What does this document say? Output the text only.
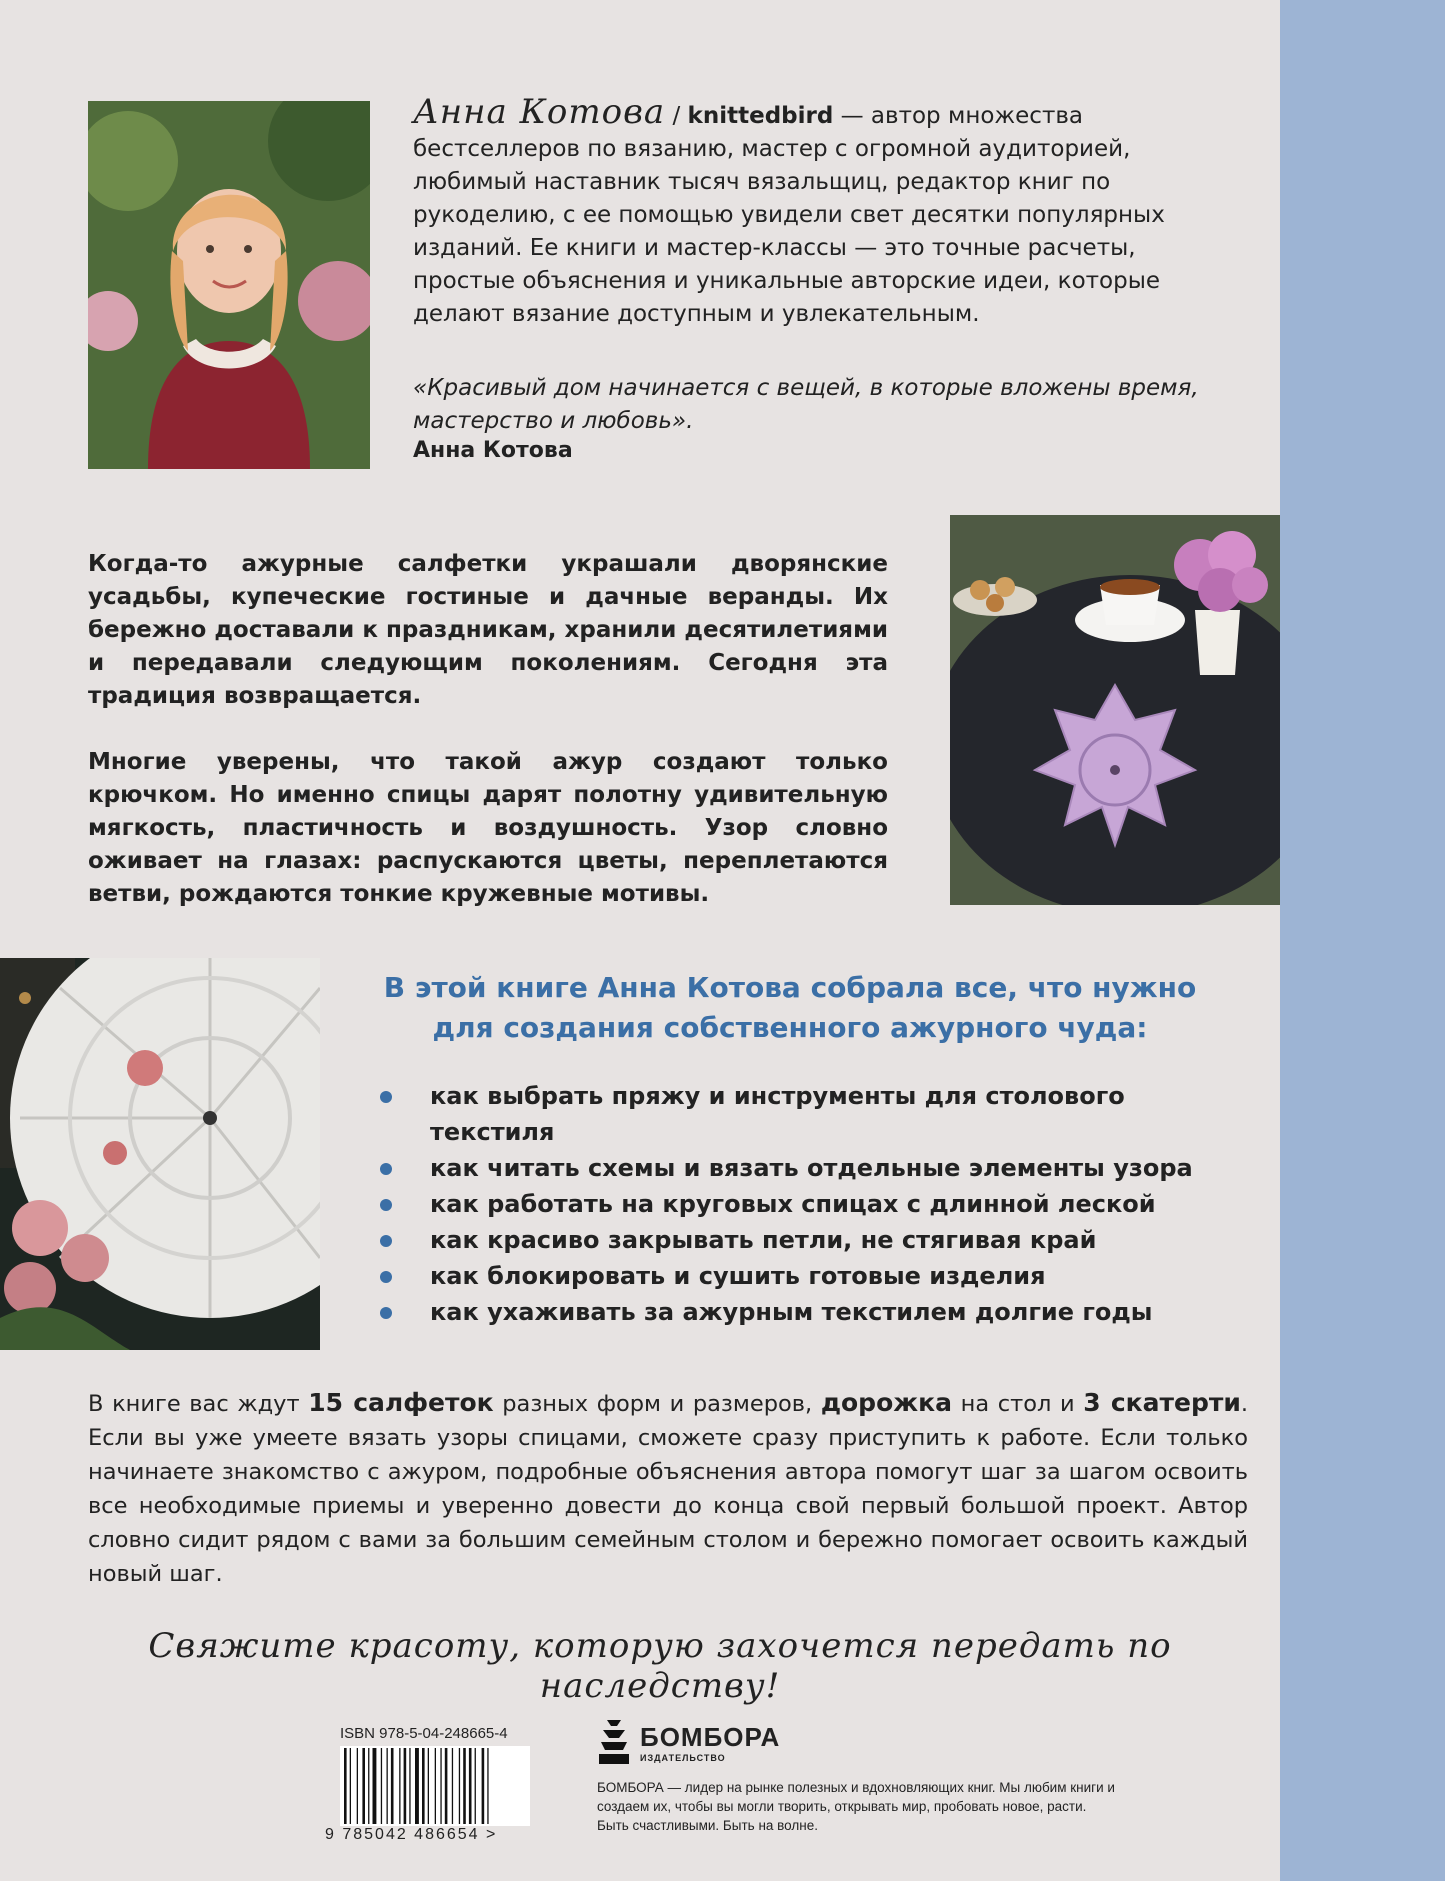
Анна Котова / knittedbird — автор множества бестселлеров по вязанию, мастер с огромной аудиторией, любимый наставник тысяч вязальщиц, редактор книг по рукоделию, с ее помощью увидели свет десятки популярных изданий. Ее книги и мастер-классы — это точные расчеты, простые объяснения и уникальные авторские идеи, которые делают вязание доступным и увлекательным.
«Красивый дом начинается с вещей, в которые вложены время, мастерство и любовь».
Анна Котова

Когда-то ажурные салфетки украшали дворянские усадьбы, купеческие гостиные и дачные веранды. Их бережно доставали к праздникам, хранили десятилетиями и передавали следующим поколениям. Сегодня эта традиция возвращается.

Многие уверены, что такой ажур создают только крючком. Но именно спицы дарят полотну удивительную мягкость, пластичность и воздушность. Узор словно оживает на глазах: распускаются цветы, переплетаются ветви, рождаются тонкие кружевные мотивы.

В этой книге Анна Котова собрала все, что нужно
для создания собственного ажурного чуда:
как выбрать пряжу и инструменты для столового текстиля
как читать схемы и вязать отдельные элементы узора
как работать на круговых спицах с длинной леской
как красиво закрывать петли, не стягивая край
как блокировать и сушить готовые изделия
как ухаживать за ажурным текстилем долгие годы
В книге вас ждут 15 салфеток разных форм и размеров, дорожка на стол и 3 скатерти. Если вы уже умеете вязать узоры спицами, сможете сразу приступить к работе. Если только начинаете знакомство с ажуром, подробные объяснения автора помогут шаг за шагом освоить все необходимые приемы и уверенно довести до конца свой первый большой проект. Автор словно сидит рядом с вами за большим семейным столом и бережно помогает освоить каждый новый шаг.
Свяжите красоту, которую захочется передать по наследству!
ISBN 978-5-04-248665-4
9 785042 486654 >
БОМБОРА
ИЗДАТЕЛЬСТВО
БОМБОРА — лидер на рынке полезных и вдохновляющих книг. Мы любим книги и создаем их, чтобы вы могли творить, открывать мир, пробовать новое, расти. Быть счастливыми. Быть на волне.
